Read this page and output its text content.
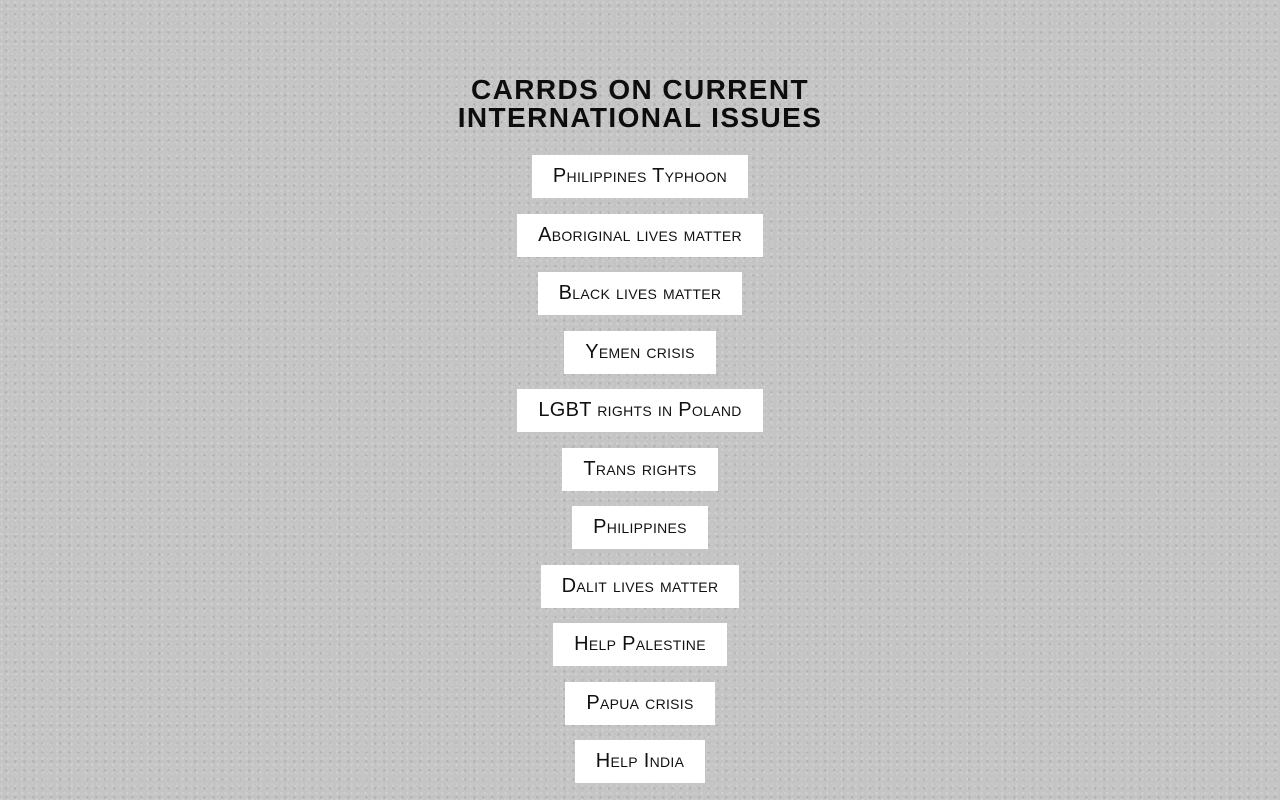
CARRDS ON CURRENT
INTERNATIONAL ISSUES
Philippines Typhoon
Aboriginal lives matter
Black lives matter
Yemen crisis
LGBT rights in Poland
Trans rights
Philippines
Dalit lives matter
Help Palestine
Papua crisis
Help India
